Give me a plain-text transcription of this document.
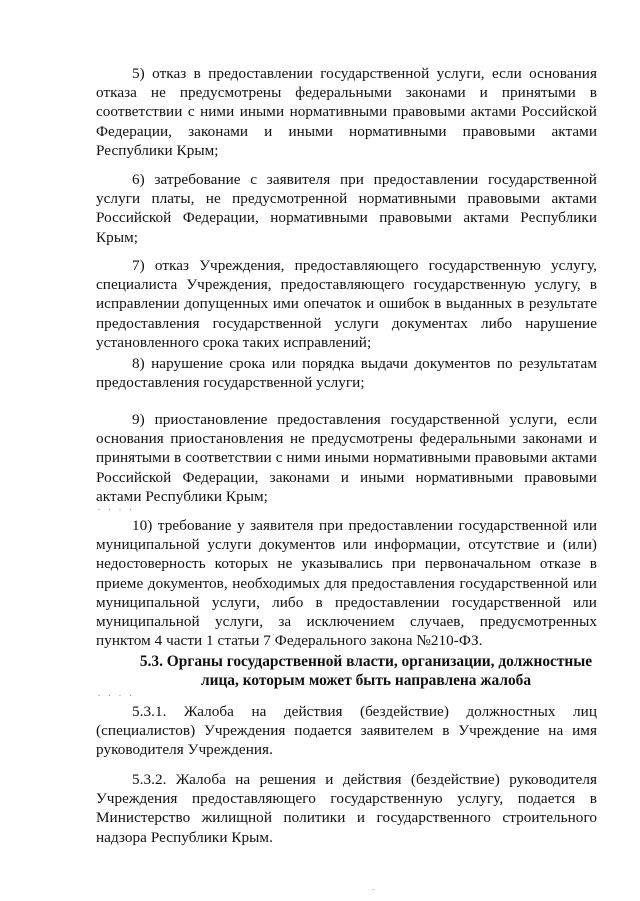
5) отказ в предоставлении государственной услуги, если основания отказа не предусмотрены федеральными законами и принятыми в соответствии с ними иными нормативными правовыми актами Российской Федерации, законами и иными нормативными правовыми актами Республики Крым;

6) затребование с заявителя при предоставлении государственной услуги платы, не предусмотренной нормативными правовыми актами Российской Федерации, нормативными правовыми актами Республики Крым;

7) отказ Учреждения, предоставляющего государственную услугу, специалиста Учреждения, предоставляющего государственную услугу, в исправлении допущенных ими опечаток и ошибок в выданных в результате предоставления государственной услуги документах либо нарушение установленного срока таких исправлений;

8) нарушение срока или порядка выдачи документов по результатам предоставления государственной услуги;

9) приостановление предоставления государственной услуги, если основания приостановления не предусмотрены федеральными законами и принятыми в соответствии с ними иными нормативными правовыми актами Российской Федерации, законами и иными нормативными правовыми актами Республики Крым;

. . . .

10) требование у заявителя при предоставлении государственной или муниципальной услуги документов или информации, отсутствие и (или) недостоверность которых не указывались при первоначальном отказе в приеме документов, необходимых для предоставления государственной или муниципальной услуги, либо в предоставлении государственной или муниципальной услуги, за исключением случаев, предусмотренных пунктом 4 части 1 статьи 7 Федерального закона №210-ФЗ.

5.3. Органы государственной власти, организации, должностные

лица, которым может быть направлена жалоба

. . . .

5.3.1. Жалоба на действия (бездействие) должностных лиц (специалистов) Учреждения подается заявителем в Учреждение на имя руководителя Учреждения.

5.3.2. Жалоба на решения и действия (бездействие) руководителя Учреждения предоставляющего государственную услугу, подается в Министерство жилищной политики и государственного строительного надзора Республики Крым.

.
